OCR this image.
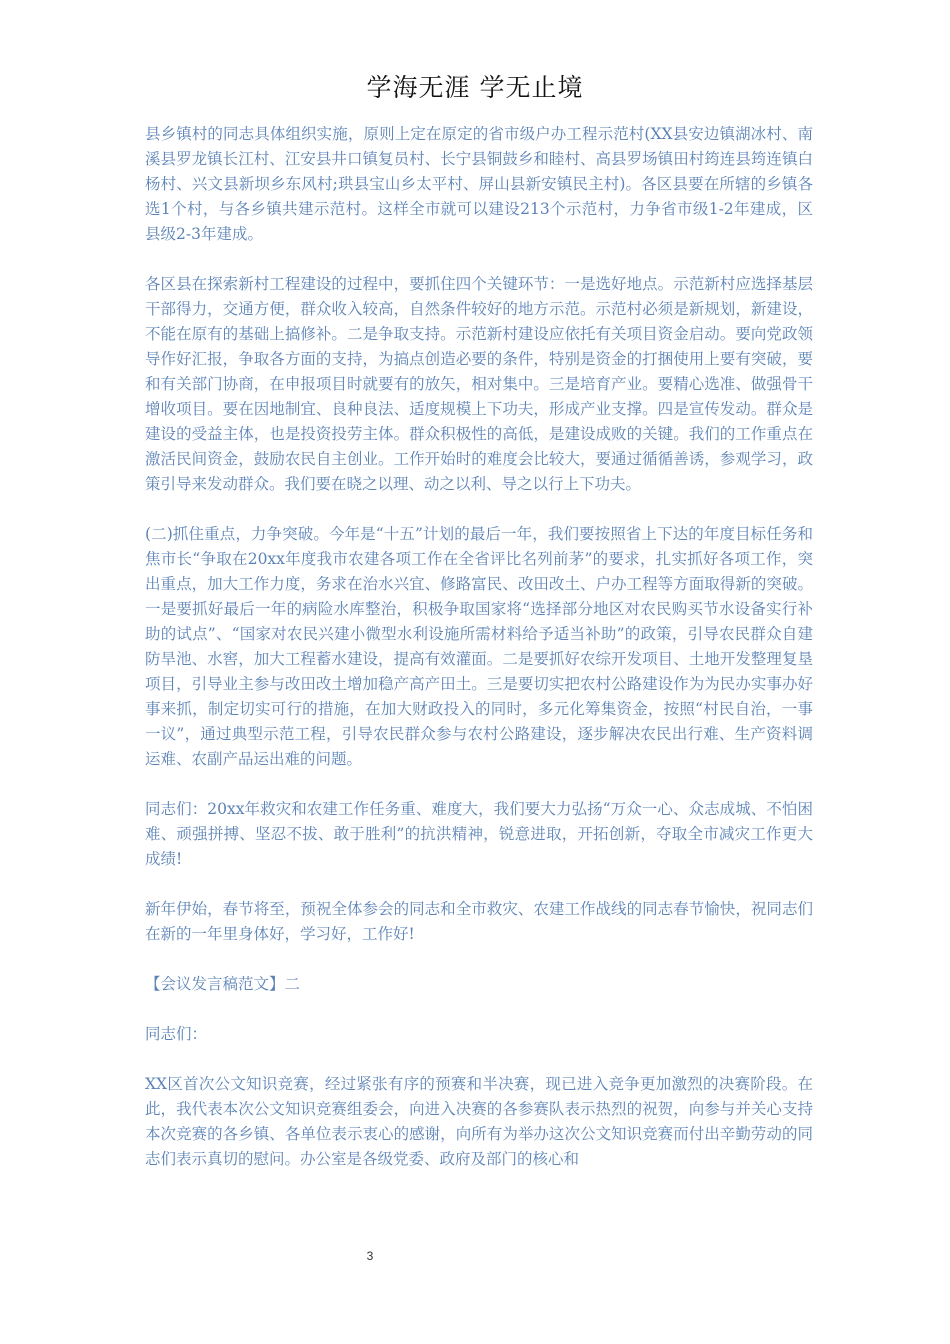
学海无涯 学无止境

县乡镇村的同志具体组织实施，原则上定在原定的省市级户办工程示范村(XX县安边镇湖冰村、南溪县罗龙镇长江村、江安县井口镇复员村、长宁县铜鼓乡和睦村、高县罗场镇田村筠连县筠连镇白杨村、兴文县新坝乡东风村;珙县宝山乡太平村、屏山县新安镇民主村)。各区县要在所辖的乡镇各选1个村，与各乡镇共建示范村。这样全市就可以建设213个示范村，力争省市级1-2年建成，区县级2-3年建成。

各区县在探索新村工程建设的过程中，要抓住四个关键环节：一是选好地点。示范新村应选择基层干部得力，交通方便，群众收入较高，自然条件较好的地方示范。示范村必须是新规划，新建设，不能在原有的基础上搞修补。二是争取支持。示范新村建设应依托有关项目资金启动。要向党政领导作好汇报，争取各方面的支持，为搞点创造必要的条件，特别是资金的打捆使用上要有突破，要和有关部门协商，在申报项目时就要有的放矢，相对集中。三是培育产业。要精心选准、做强骨干增收项目。要在因地制宜、良种良法、适度规模上下功夫，形成产业支撑。四是宣传发动。群众是建设的受益主体，也是投资投劳主体。群众积极性的高低，是建设成败的关键。我们的工作重点在激活民间资金，鼓励农民自主创业。工作开始时的难度会比较大，要通过循循善诱，参观学习，政策引导来发动群众。我们要在晓之以理、动之以利、导之以行上下功夫。

(二)抓住重点，力争突破。今年是“十五”计划的最后一年，我们要按照省上下达的年度目标任务和焦市长“争取在20xx年度我市农建各项工作在全省评比名列前茅”的要求，扎实抓好各项工作，突出重点，加大工作力度，务求在治水兴宜、修路富民、改田改土、户办工程等方面取得新的突破。一是要抓好最后一年的病险水库整治，积极争取国家将“选择部分地区对农民购买节水设备实行补助的试点”、“国家对农民兴建小微型水利设施所需材料给予适当补助”的政策，引导农民群众自建防旱池、水窖，加大工程蓄水建设，提高有效灌面。二是要抓好农综开发项目、土地开发整理复垦项目，引导业主参与改田改土增加稳产高产田土。三是要切实把农村公路建设作为为民办实事办好事来抓，制定切实可行的措施，在加大财政投入的同时，多元化筹集资金，按照“村民自治，一事一议”，通过典型示范工程，引导农民群众参与农村公路建设，逐步解决农民出行难、生产资料调运难、农副产品运出难的问题。

同志们：20xx年救灾和农建工作任务重、难度大，我们要大力弘扬“万众一心、众志成城、不怕困难、顽强拼搏、坚忍不拔、敢于胜利”的抗洪精神，锐意进取，开拓创新，夺取全市减灾工作更大成绩!

新年伊始，春节将至，预祝全体参会的同志和全市救灾、农建工作战线的同志春节愉快，祝同志们在新的一年里身体好，学习好，工作好!

【会议发言稿范文】二

同志们：

XX区首次公文知识竞赛，经过紧张有序的预赛和半决赛，现已进入竞争更加激烈的决赛阶段。在此，我代表本次公文知识竞赛组委会，向进入决赛的各参赛队表示热烈的祝贺，向参与并关心支持本次竞赛的各乡镇、各单位表示衷心的感谢，向所有为举办这次公文知识竞赛而付出辛勤劳动的同志们表示真切的慰问。办公室是各级党委、政府及部门的核心和

3
